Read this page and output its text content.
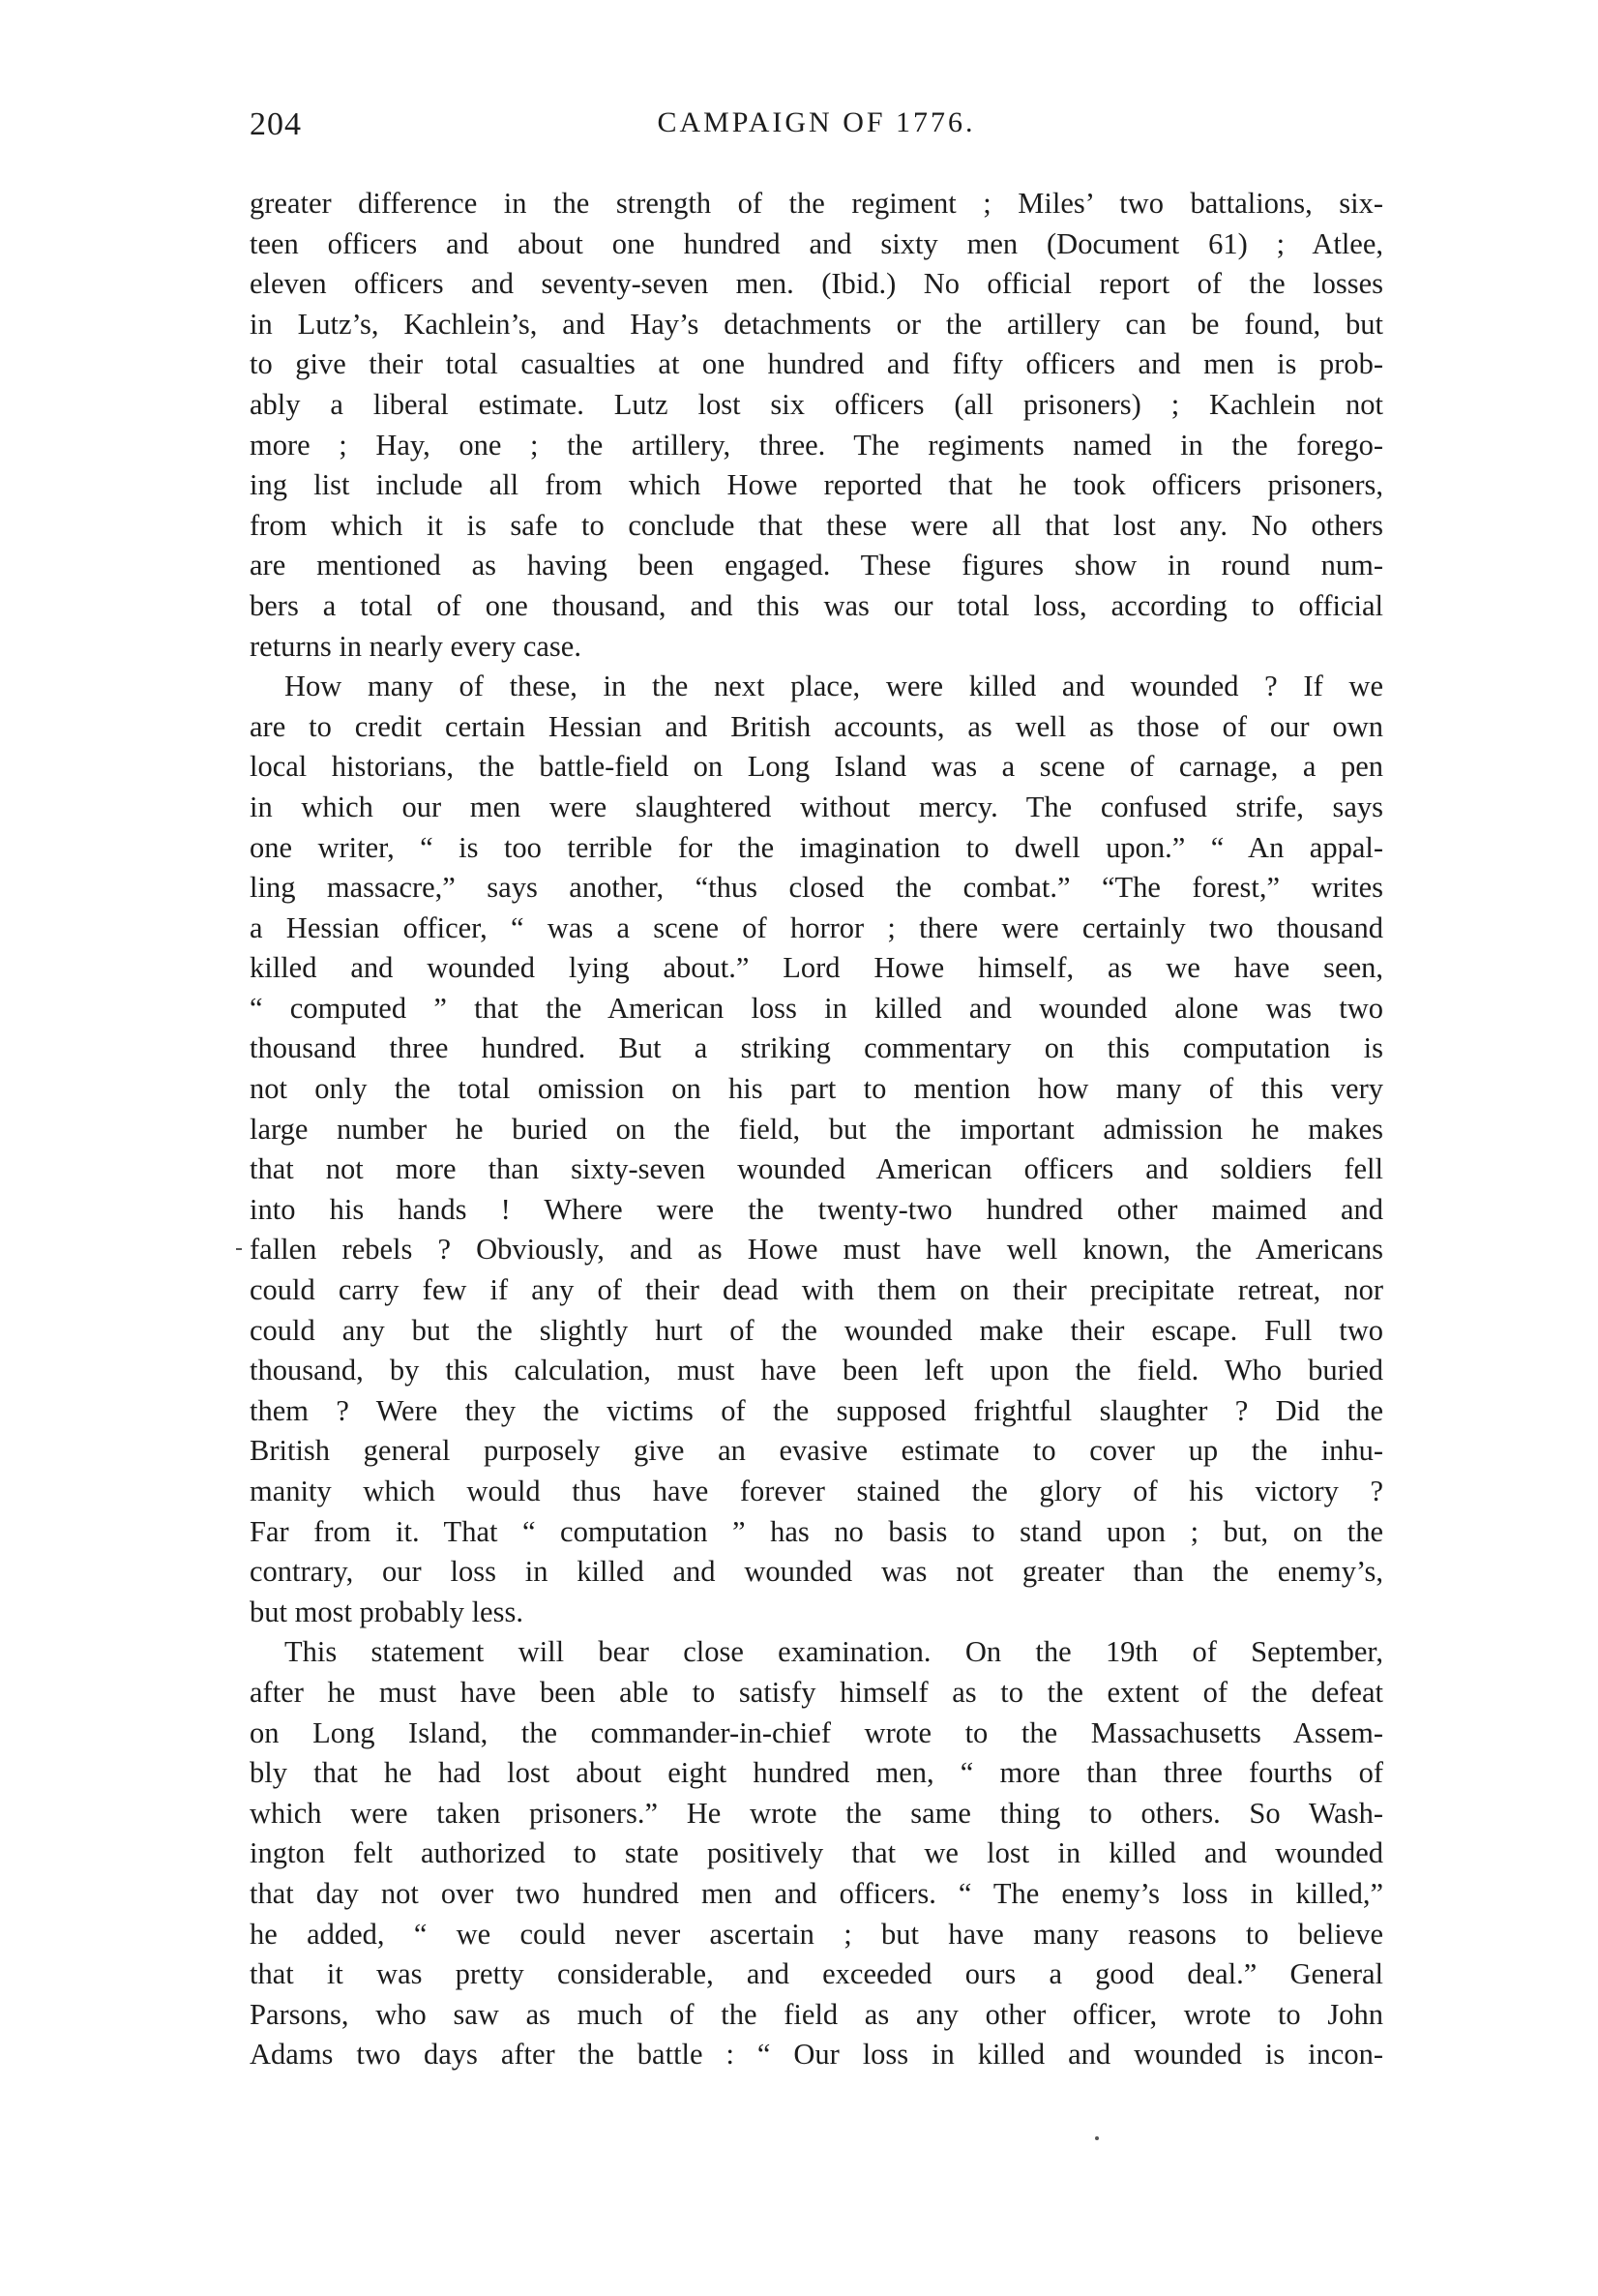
204	CAMPAIGN OF 1776.
greater difference in the strength of the regiment ; Miles’ two battalions, six-
teen officers and about one hundred and sixty men (Document 61) ; Atlee,
eleven officers and seventy-seven men. (Ibid.) No official report of the losses
in Lutz’s, Kachlein’s, and Hay’s detachments or the artillery can be found, but
to give their total casualties at one hundred and fifty officers and men is prob-
ably a liberal estimate. Lutz lost six officers (all prisoners) ; Kachlein not
more ; Hay, one ; the artillery, three. The regiments named in the forego-
ing list include all from which Howe reported that he took officers prisoners,
from which it is safe to conclude that these were all that lost any. No others
are mentioned as having been engaged. These figures show in round num-
bers a total of one thousand, and this was our total loss, according to official
returns in nearly every case.
How many of these, in the next place, were killed and wounded ? If we
are to credit certain Hessian and British accounts, as well as those of our own
local historians, the battle-field on Long Island was a scene of carnage, a pen
in which our men were slaughtered without mercy. The confused strife, says
one writer, “ is too terrible for the imagination to dwell upon.” “ An appal-
ling massacre,” says another, “thus closed the combat.” “The forest,” writes
a Hessian officer, “ was a scene of horror ; there were certainly two thousand
killed and wounded lying about.” Lord Howe himself, as we have seen,
“ computed ” that the American loss in killed and wounded alone was two
thousand three hundred. But a striking commentary on this computation is
not only the total omission on his part to mention how many of this very
large number he buried on the field, but the important admission he makes
that not more than sixty-seven wounded American officers and soldiers fell
into his hands ! Where were the twenty-two hundred other maimed and
fallen rebels ? Obviously, and as Howe must have well known, the Americans
could carry few if any of their dead with them on their precipitate retreat, nor
could any but the slightly hurt of the wounded make their escape. Full two
thousand, by this calculation, must have been left upon the field. Who buried
them ? Were they the victims of the supposed frightful slaughter ? Did the
British general purposely give an evasive estimate to cover up the inhu-
manity which would thus have forever stained the glory of his victory ?
Far from it. That “ computation ” has no basis to stand upon ; but, on the
contrary, our loss in killed and wounded was not greater than the enemy’s,
but most probably less.
This statement will bear close examination. On the 19th of September,
after he must have been able to satisfy himself as to the extent of the defeat
on Long Island, the commander-in-chief wrote to the Massachusetts Assem-
bly that he had lost about eight hundred men, “ more than three fourths of
which were taken prisoners.” He wrote the same thing to others. So Wash-
ington felt authorized to state positively that we lost in killed and wounded
that day not over two hundred men and officers. “ The enemy’s loss in killed,”
he added, “ we could never ascertain ; but have many reasons to believe
that it was pretty considerable, and exceeded ours a good deal.” General
Parsons, who saw as much of the field as any other officer, wrote to John
Adams two days after the battle : “ Our loss in killed and wounded is incon-
